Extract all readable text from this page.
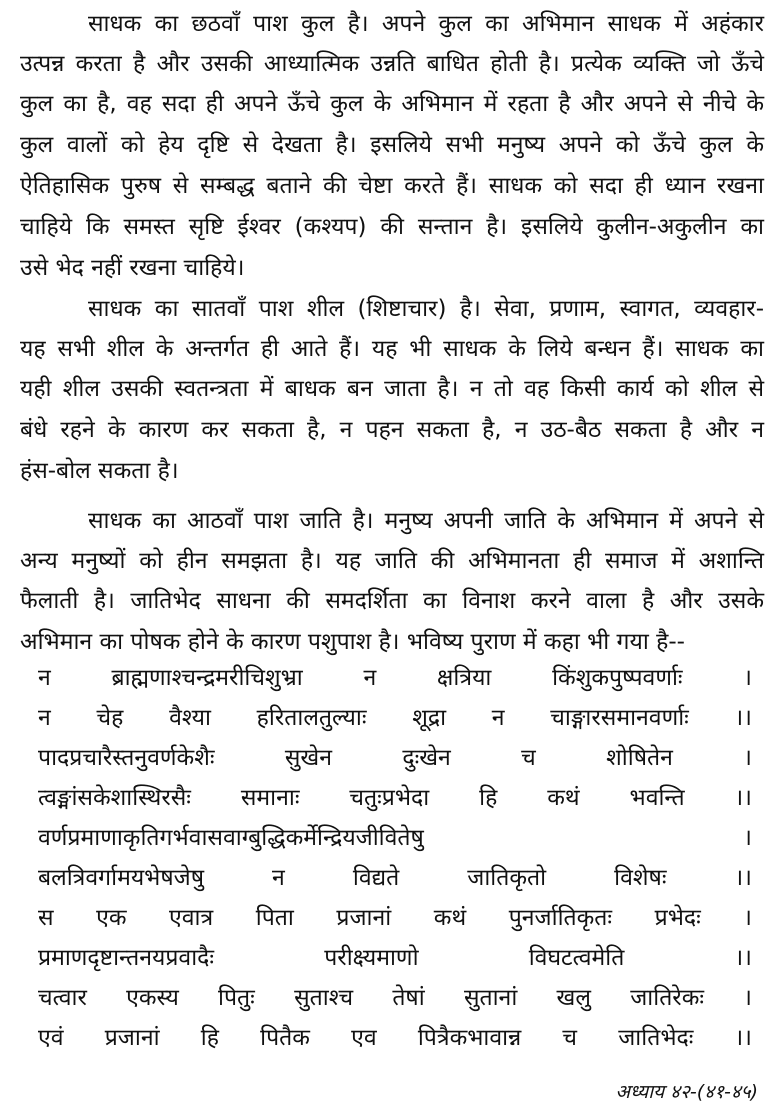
साधक का छठवाँ पाश कुल है। अपने कुल का अभिमान साधक में अहंकार
उत्पन्न करता है और उसकी आध्यात्मिक उन्नति बाधित होती है। प्रत्येक व्यक्ति जो ऊँचे
कुल का है, वह सदा ही अपने ऊँचे कुल के अभिमान में रहता है और अपने से नीचे के
कुल वालों को हेय दृष्टि से देखता है। इसलिये सभी मनुष्य अपने को ऊँचे कुल के
ऐतिहासिक पुरुष से सम्बद्ध बताने की चेष्टा करते हैं। साधक को सदा ही ध्यान रखना
चाहिये कि समस्त सृष्टि ईश्वर (कश्यप) की सन्तान है। इसलिये कुलीन-अकुलीन का
उसे भेद नहीं रखना चाहिये।
साधक का सातवाँ पाश शील (शिष्टाचार) है। सेवा, प्रणाम, स्वागत, व्यवहार-
यह सभी शील के अन्तर्गत ही आते हैं। यह भी साधक के लिये बन्धन हैं। साधक का
यही शील उसकी स्वतन्त्रता में बाधक बन जाता है। न तो वह किसी कार्य को शील से
बंधे रहने के कारण कर सकता है, न पहन सकता है, न उठ-बैठ सकता है और न
हंस-बोल सकता है।
साधक का आठवाँ पाश जाति है। मनुष्य अपनी जाति के अभिमान में अपने से
अन्य मनुष्यों को हीन समझता है। यह जाति की अभिमानता ही समाज में अशान्ति
फैलाती है। जातिभेद साधना की समदर्शिता का विनाश करने वाला है और उसके
अभिमान का पोषक होने के कारण पशुपाश है। भविष्य पुराण में कहा भी गया है--
न ब्राह्मणाश्चन्द्रमरीचिशुभ्रा न क्षत्रिया किंशुकपुष्पवर्णाः ।
न चेह वैश्या हरितालतुल्याः शूद्रा न चाङ्गारसमानवर्णाः ।।
पादप्रचारैस्तनुवर्णकेशैः सुखेन दुःखेन च शोषितेन ।
त्वङ्मांसकेशास्थिरसैः समानाः चतुःप्रभेदा हि कथं भवन्ति ।।
वर्णप्रमाणाकृतिगर्भवासवाग्बुद्धिकर्मेन्द्रियजीवितेषु ।
बलत्रिवर्गामयभेषजेषु न विद्यते जातिकृतो विशेषः ।।
स एक एवात्र पिता प्रजानां कथं पुनर्जातिकृतः प्रभेदः ।
प्रमाणदृष्टान्तनयप्रवादैः परीक्ष्यमाणो विघटत्वमेति ।।
चत्वार एकस्य पितुः सुताश्च तेषां सुतानां खलु जातिरेकः ।
एवं प्रजानां हि पितैक एव पित्रैकभावान्न च जातिभेदः ।।
अध्याय ४२-(४१-४५)
